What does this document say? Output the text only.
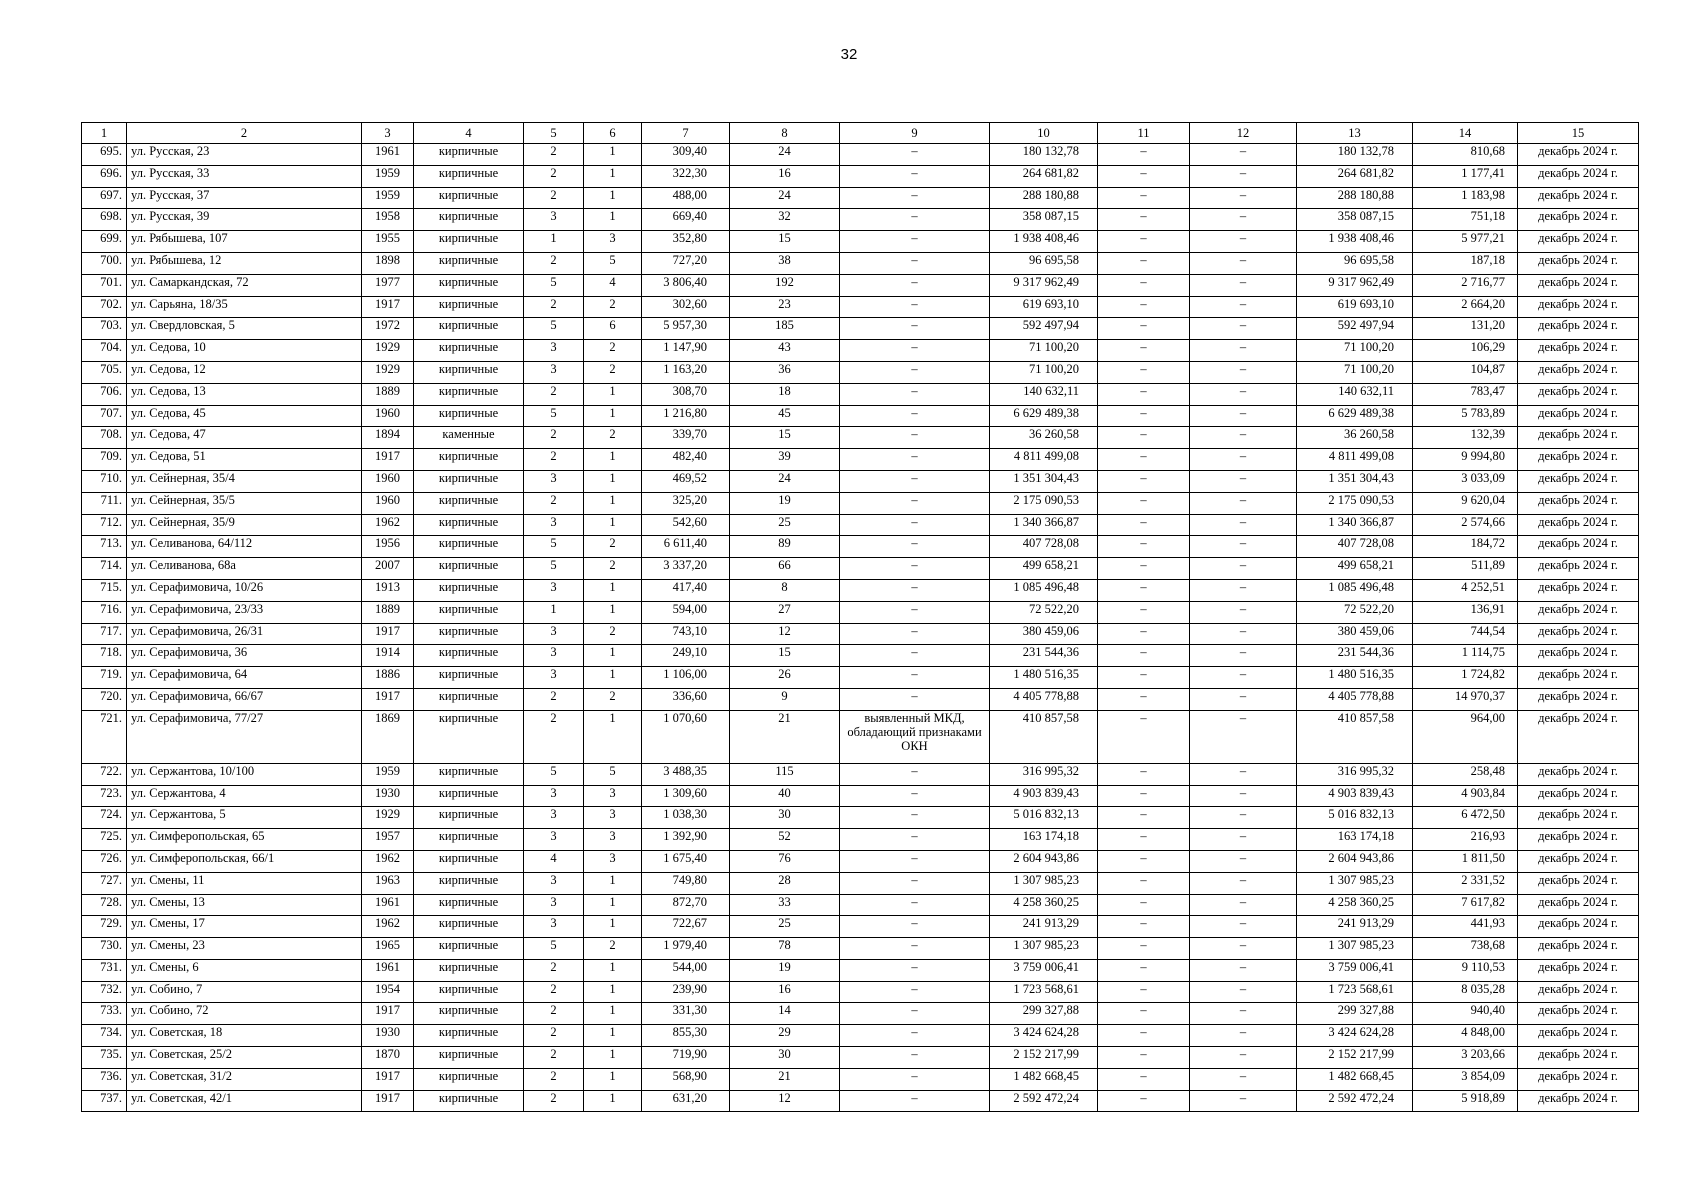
32
1	2	3	4	5	6	7	8	9	10	11	12	13	14	15
695.	ул. Русская, 23	1961	кирпичные	2	1	309,40	24	–	180 132,78	–	–	180 132,78	810,68	декабрь 2024 г.
696.	ул. Русская, 33	1959	кирпичные	2	1	322,30	16	–	264 681,82	–	–	264 681,82	1 177,41	декабрь 2024 г.
697.	ул. Русская, 37	1959	кирпичные	2	1	488,00	24	–	288 180,88	–	–	288 180,88	1 183,98	декабрь 2024 г.
698.	ул. Русская, 39	1958	кирпичные	3	1	669,40	32	–	358 087,15	–	–	358 087,15	751,18	декабрь 2024 г.
699.	ул. Рябышева, 107	1955	кирпичные	1	3	352,80	15	–	1 938 408,46	–	–	1 938 408,46	5 977,21	декабрь 2024 г.
700.	ул. Рябышева, 12	1898	кирпичные	2	5	727,20	38	–	96 695,58	–	–	96 695,58	187,18	декабрь 2024 г.
701.	ул. Самаркандская, 72	1977	кирпичные	5	4	3 806,40	192	–	9 317 962,49	–	–	9 317 962,49	2 716,77	декабрь 2024 г.
702.	ул. Сарьяна, 18/35	1917	кирпичные	2	2	302,60	23	–	619 693,10	–	–	619 693,10	2 664,20	декабрь 2024 г.
703.	ул. Свердловская, 5	1972	кирпичные	5	6	5 957,30	185	–	592 497,94	–	–	592 497,94	131,20	декабрь 2024 г.
704.	ул. Седова, 10	1929	кирпичные	3	2	1 147,90	43	–	71 100,20	–	–	71 100,20	106,29	декабрь 2024 г.
705.	ул. Седова, 12	1929	кирпичные	3	2	1 163,20	36	–	71 100,20	–	–	71 100,20	104,87	декабрь 2024 г.
706.	ул. Седова, 13	1889	кирпичные	2	1	308,70	18	–	140 632,11	–	–	140 632,11	783,47	декабрь 2024 г.
707.	ул. Седова, 45	1960	кирпичные	5	1	1 216,80	45	–	6 629 489,38	–	–	6 629 489,38	5 783,89	декабрь 2024 г.
708.	ул. Седова, 47	1894	каменные	2	2	339,70	15	–	36 260,58	–	–	36 260,58	132,39	декабрь 2024 г.
709.	ул. Седова, 51	1917	кирпичные	2	1	482,40	39	–	4 811 499,08	–	–	4 811 499,08	9 994,80	декабрь 2024 г.
710.	ул. Сейнерная, 35/4	1960	кирпичные	3	1	469,52	24	–	1 351 304,43	–	–	1 351 304,43	3 033,09	декабрь 2024 г.
711.	ул. Сейнерная, 35/5	1960	кирпичные	2	1	325,20	19	–	2 175 090,53	–	–	2 175 090,53	9 620,04	декабрь 2024 г.
712.	ул. Сейнерная, 35/9	1962	кирпичные	3	1	542,60	25	–	1 340 366,87	–	–	1 340 366,87	2 574,66	декабрь 2024 г.
713.	ул. Селиванова, 64/112	1956	кирпичные	5	2	6 611,40	89	–	407 728,08	–	–	407 728,08	184,72	декабрь 2024 г.
714.	ул. Селиванова, 68а	2007	кирпичные	5	2	3 337,20	66	–	499 658,21	–	–	499 658,21	511,89	декабрь 2024 г.
715.	ул. Серафимовича, 10/26	1913	кирпичные	3	1	417,40	8	–	1 085 496,48	–	–	1 085 496,48	4 252,51	декабрь 2024 г.
716.	ул. Серафимовича, 23/33	1889	кирпичные	1	1	594,00	27	–	72 522,20	–	–	72 522,20	136,91	декабрь 2024 г.
717.	ул. Серафимовича, 26/31	1917	кирпичные	3	2	743,10	12	–	380 459,06	–	–	380 459,06	744,54	декабрь 2024 г.
718.	ул. Серафимовича, 36	1914	кирпичные	3	1	249,10	15	–	231 544,36	–	–	231 544,36	1 114,75	декабрь 2024 г.
719.	ул. Серафимовича, 64	1886	кирпичные	3	1	1 106,00	26	–	1 480 516,35	–	–	1 480 516,35	1 724,82	декабрь 2024 г.
720.	ул. Серафимовича, 66/67	1917	кирпичные	2	2	336,60	9	–	4 405 778,88	–	–	4 405 778,88	14 970,37	декабрь 2024 г.
721.	ул. Серафимовича, 77/27	1869	кирпичные	2	1	1 070,60	21	выявленный МКД, обладающий признаками ОКН	410 857,58	–	–	410 857,58	964,00	декабрь 2024 г.
722.	ул. Сержантова, 10/100	1959	кирпичные	5	5	3 488,35	115	–	316 995,32	–	–	316 995,32	258,48	декабрь 2024 г.
723.	ул. Сержантова, 4	1930	кирпичные	3	3	1 309,60	40	–	4 903 839,43	–	–	4 903 839,43	4 903,84	декабрь 2024 г.
724.	ул. Сержантова, 5	1929	кирпичные	3	3	1 038,30	30	–	5 016 832,13	–	–	5 016 832,13	6 472,50	декабрь 2024 г.
725.	ул. Симферопольская, 65	1957	кирпичные	3	3	1 392,90	52	–	163 174,18	–	–	163 174,18	216,93	декабрь 2024 г.
726.	ул. Симферопольская, 66/1	1962	кирпичные	4	3	1 675,40	76	–	2 604 943,86	–	–	2 604 943,86	1 811,50	декабрь 2024 г.
727.	ул. Смены, 11	1963	кирпичные	3	1	749,80	28	–	1 307 985,23	–	–	1 307 985,23	2 331,52	декабрь 2024 г.
728.	ул. Смены, 13	1961	кирпичные	3	1	872,70	33	–	4 258 360,25	–	–	4 258 360,25	7 617,82	декабрь 2024 г.
729.	ул. Смены, 17	1962	кирпичные	3	1	722,67	25	–	241 913,29	–	–	241 913,29	441,93	декабрь 2024 г.
730.	ул. Смены, 23	1965	кирпичные	5	2	1 979,40	78	–	1 307 985,23	–	–	1 307 985,23	738,68	декабрь 2024 г.
731.	ул. Смены, 6	1961	кирпичные	2	1	544,00	19	–	3 759 006,41	–	–	3 759 006,41	9 110,53	декабрь 2024 г.
732.	ул. Собино, 7	1954	кирпичные	2	1	239,90	16	–	1 723 568,61	–	–	1 723 568,61	8 035,28	декабрь 2024 г.
733.	ул. Собино, 72	1917	кирпичные	2	1	331,30	14	–	299 327,88	–	–	299 327,88	940,40	декабрь 2024 г.
734.	ул. Советская, 18	1930	кирпичные	2	1	855,30	29	–	3 424 624,28	–	–	3 424 624,28	4 848,00	декабрь 2024 г.
735.	ул. Советская, 25/2	1870	кирпичные	2	1	719,90	30	–	2 152 217,99	–	–	2 152 217,99	3 203,66	декабрь 2024 г.
736.	ул. Советская, 31/2	1917	кирпичные	2	1	568,90	21	–	1 482 668,45	–	–	1 482 668,45	3 854,09	декабрь 2024 г.
737.	ул. Советская, 42/1	1917	кирпичные	2	1	631,20	12	–	2 592 472,24	–	–	2 592 472,24	5 918,89	декабрь 2024 г.
